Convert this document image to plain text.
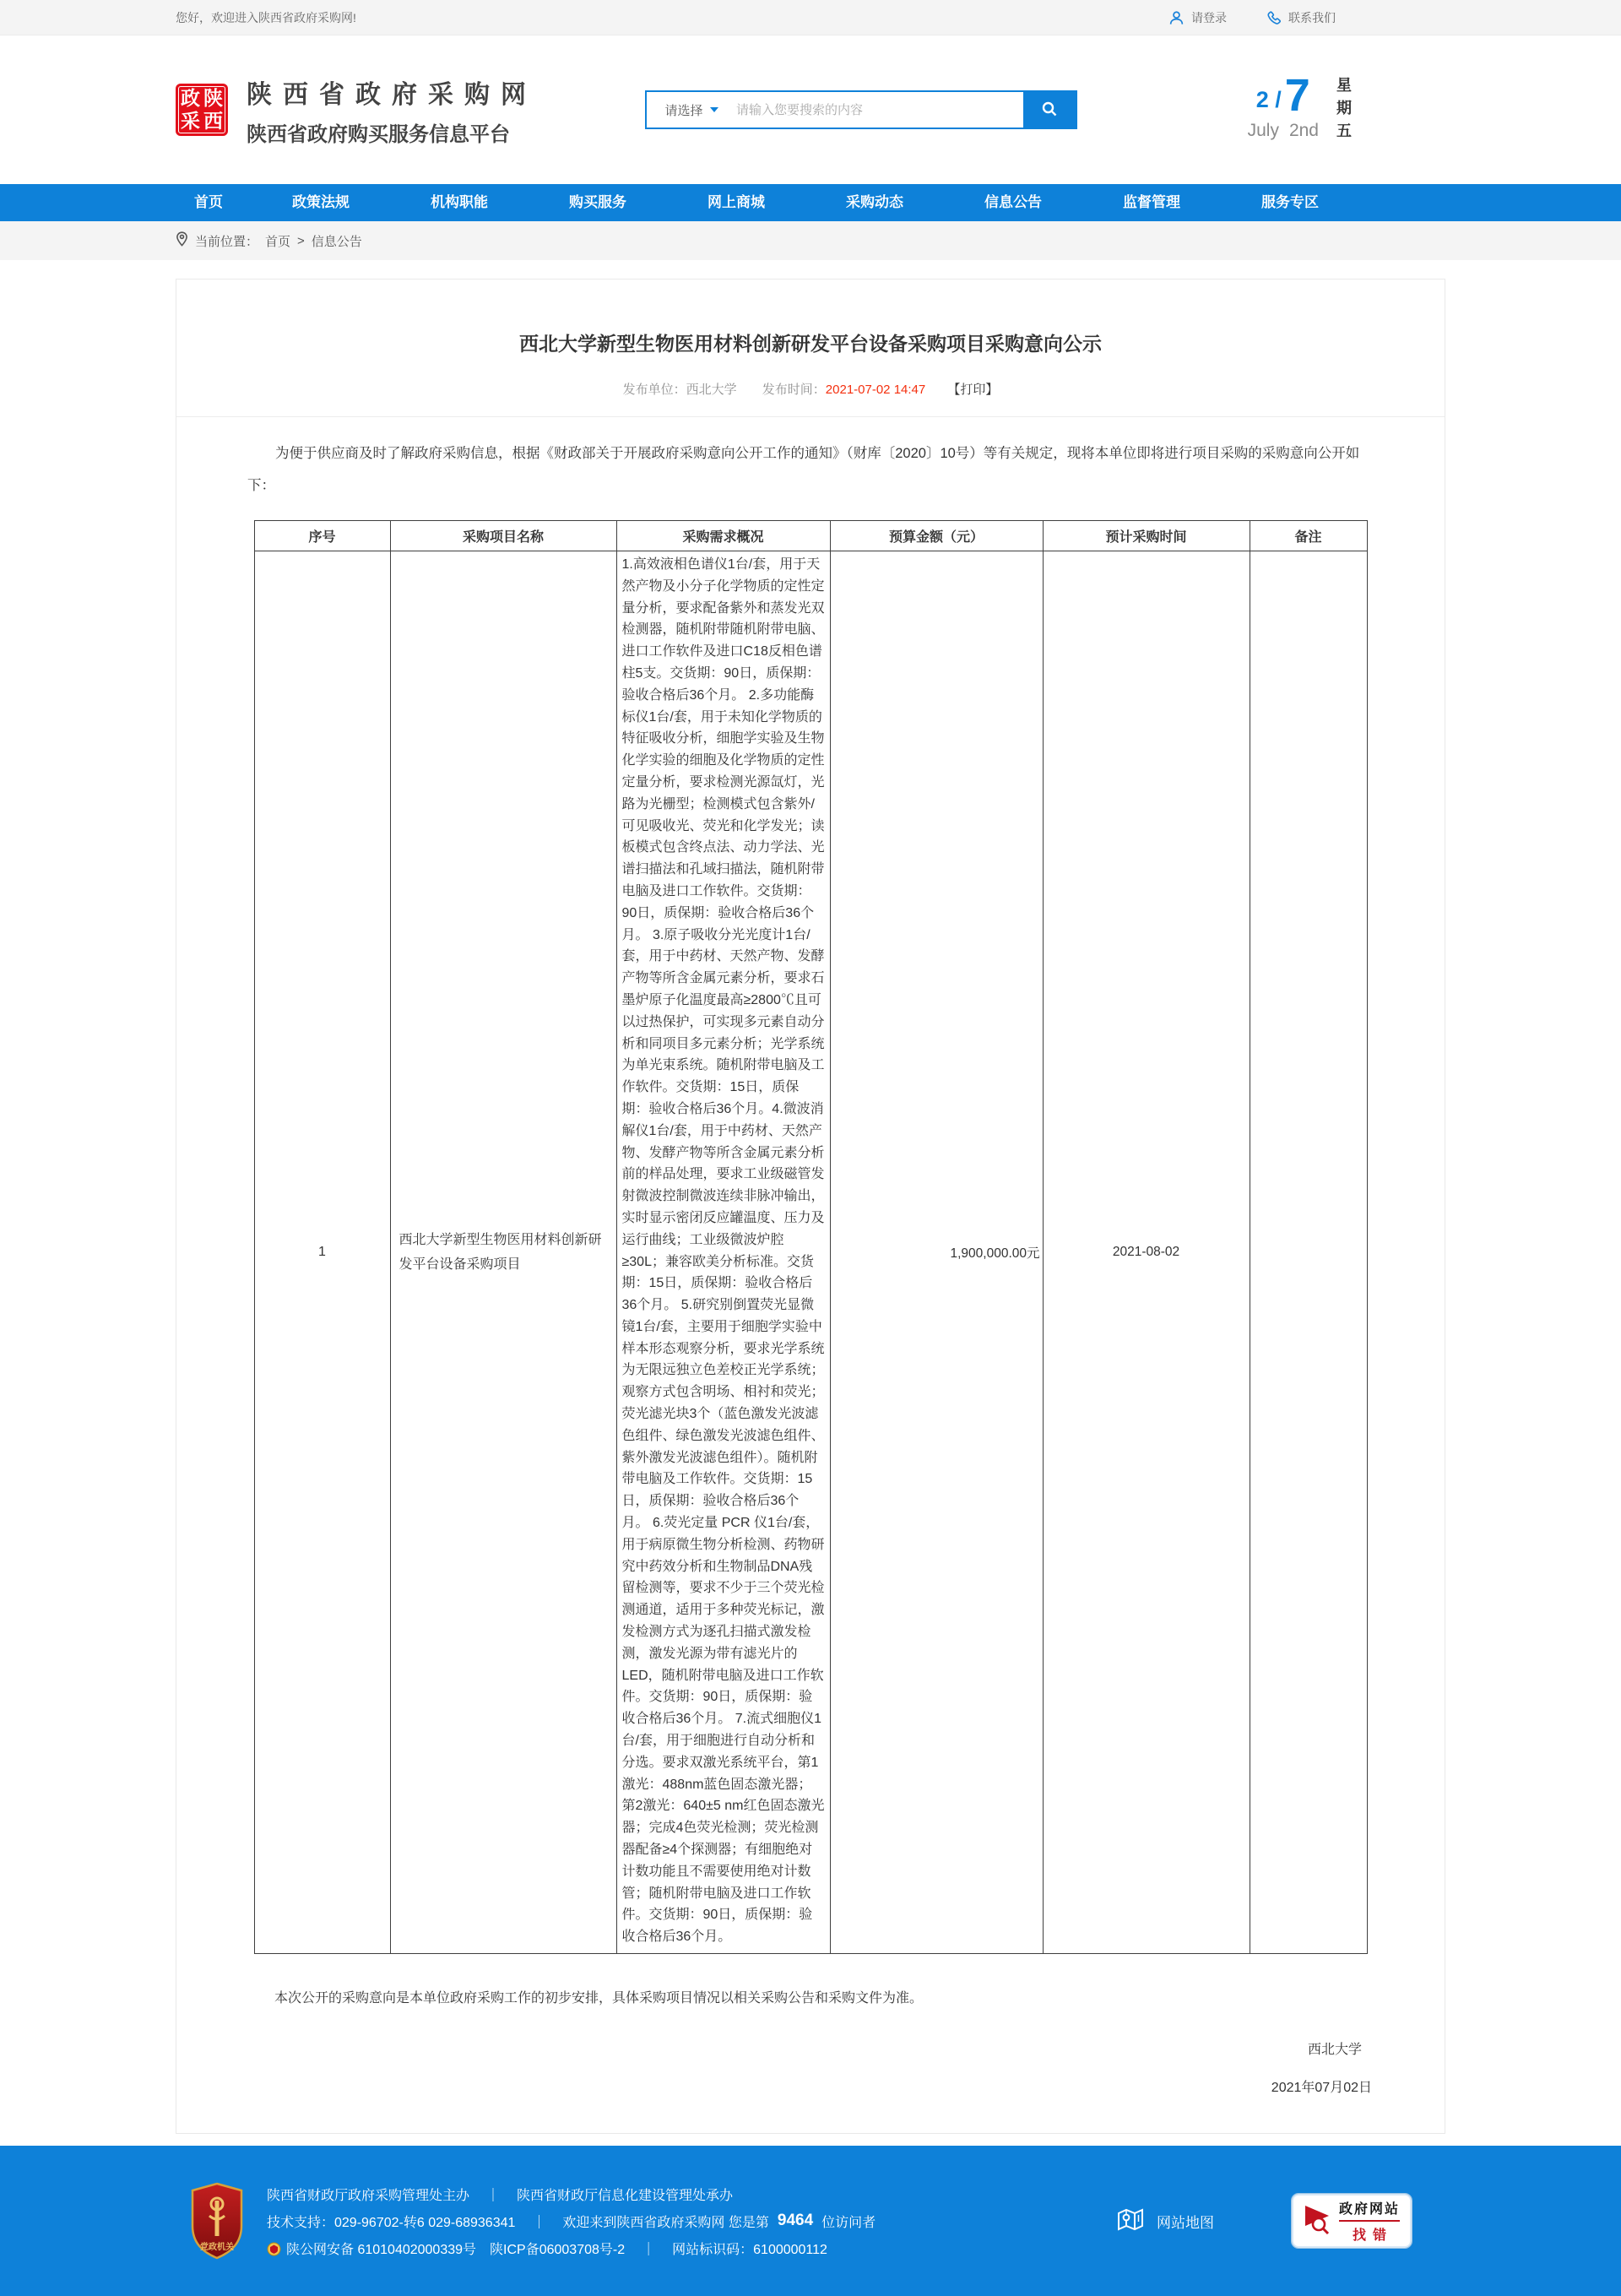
您好，欢迎进入陕西省政府采购网!	请登录	联系我们
政 陕
采 西
陕西省政府采购网
陕西省政府购买服务信息平台
请选择
请输入您要搜索的内容	2 / 7
July 2nd 星期五
首页	政策法规	机构职能	购买服务	网上商城	采购动态	信息公告	监督管理	服务专区
当前位置： 首页 > 信息公告
西北大学新型生物医用材料创新研发平台设备采购项目采购意向公示
发布单位：西北大学 发布时间：2021-07-02 14:47 【打印】

为便于供应商及时了解政府采购信息，根据《财政部关于开展政府采购意向公开工作的通知》（财库〔2020〕10号）等有关规定，现将本单位即将进行项目采购的采购意向公开如下：

序号	采购项目名称	采购需求概况	预算金额（元）	预计采购时间	备注
1	西北大学新型生物医用材料创新研发平台设备采购项目	1.高效液相色谱仪1台/套，用于天然产物及小分子化学物质的定性定量分析，要求配备紫外和蒸发光双检测器，随机附带随机附带电脑、进口工作软件及进口C18反相色谱柱5支。交货期：90日，质保期：验收合格后36个月。 2.多功能酶标仪1台/套，用于未知化学物质的特征吸收分析，细胞学实验及生物化学实验的细胞及化学物质的定性定量分析，要求检测光源氙灯，光路为光栅型；检测模式包含紫外/可见吸收光、荧光和化学发光；读板模式包含终点法、动力学法、光谱扫描法和孔域扫描法，随机附带电脑及进口工作软件。交货期：90日，质保期：验收合格后36个月。 3.原子吸收分光光度计1台/套，用于中药材、天然产物、发酵产物等所含金属元素分析，要求石墨炉原子化温度最高≥2800℃且可以过热保护，可实现多元素自动分析和同项目多元素分析；光学系统为单光束系统。随机附带电脑及工作软件。交货期：15日，质保期：验收合格后36个月。4.微波消解仪1台/套，用于中药材、天然产物、发酵产物等所含金属元素分析前的样品处理，要求工业级磁管发射微波控制微波连续非脉冲输出，实时显示密闭反应罐温度、压力及运行曲线；工业级微波炉腔≥30L；兼容欧美分析标准。交货期：15日，质保期：验收合格后36个月。 5.研究别倒置荧光显微镜1台/套，主要用于细胞学实验中样本形态观察分析，要求光学系统为无限远独立色差校正光学系统；观察方式包含明场、相衬和荧光；荧光滤光块3个（蓝色激发光波滤色组件、绿色激发光波滤色组件、紫外激发光波滤色组件）。随机附带电脑及工作软件。交货期：15日，质保期：验收合格后36个月。 6.荧光定量 PCR 仪1台/套，用于病原微生物分析检测、药物研究中药效分析和生物制品DNA残留检测等，要求不少于三个荧光检测通道，适用于多种荧光标记，激发检测方式为逐孔扫描式激发检测，激发光源为带有滤光片的LED，随机附带电脑及进口工作软件。交货期：90日，质保期：验收合格后36个月。 7.流式细胞仪1台/套，用于细胞进行自动分析和分选。要求双激光系统平台，第1激光：488nm蓝色固态激光器；第2激光：640±5 nm红色固态激光器；完成4色荧光检测；荧光检测器配备≥4个探测器；有细胞绝对计数功能且不需要使用绝对计数管；随机附带电脑及进口工作软件。交货期：90日，质保期：验收合格后36个月。	1,900,000.00元	2021-08-02	

本次公开的采购意向是本单位政府采购工作的初步安排，具体采购项目情况以相关采购公告和采购文件为准。

西北大学
2021年07月02日
党政机关
陕西省财政厅政府采购管理处主办 ｜ 陕西省财政厅信息化建设管理处承办
技术支持：029-96702-转6 029-68936341 ｜ 欢迎来到陕西省政府采购网 您是第 9464 位访问者
陕公网安备 61010402000339号 陕ICP备06003708号-2 ｜ 网站标识码：6100000112
网站地图
政府网站
找错
